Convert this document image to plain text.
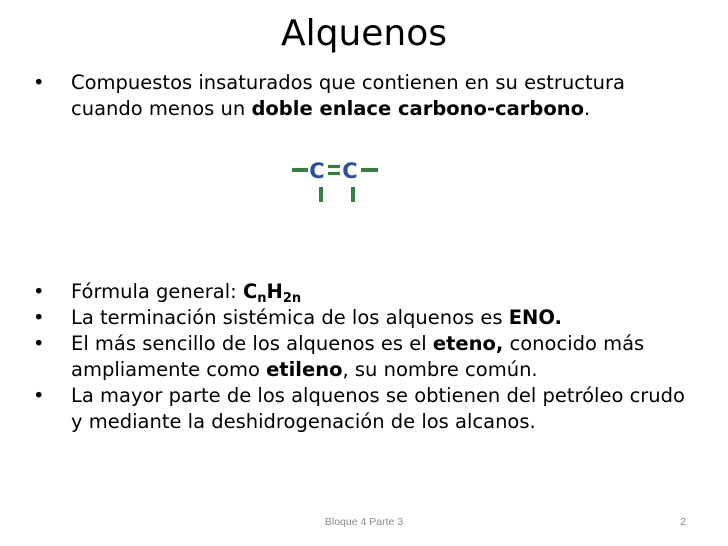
Alquenos
• Compuestos insaturados que contienen en su estructura cuando menos un doble enlace carbono-carbono.
C C
• Fórmula general: $C_nH_{2n}$
• La terminación sistémica de los alquenos es ENO.
• El más sencillo de los alquenos es el eteno, conocido más ampliamente como etileno, su nombre común.
• La mayor parte de los alquenos se obtienen del petróleo crudo y mediante la deshidrogenación de los alcanos.
Bloque 4 Parte 3	2
